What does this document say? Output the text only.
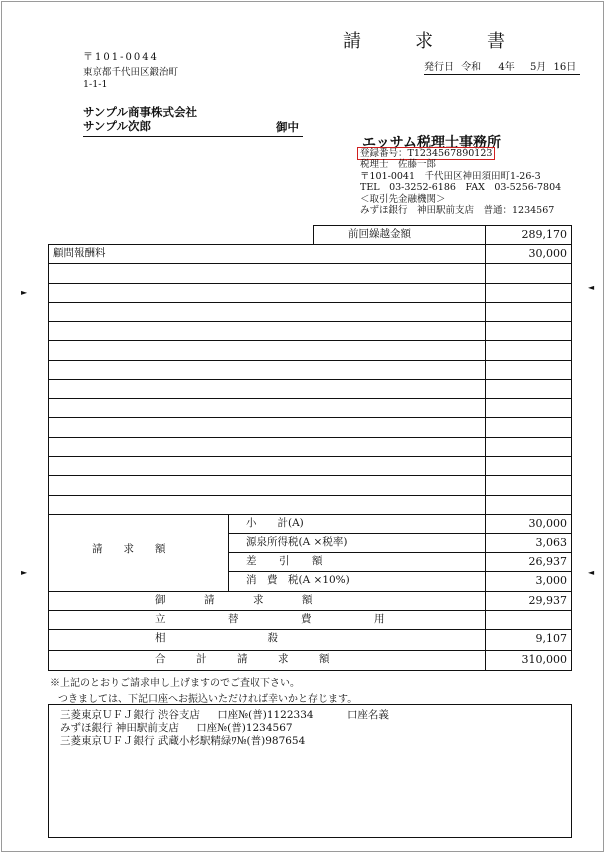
►
►
◄
◄
請　求　書
発行日 令和 4年 5月 16日
〒101-0044
東京都千代田区鍛治町
1-1-1
サンプル商事株式会社
サンプル次郎	御中
エッサム税理士事務所
登録番号：T1234567890123
税理士　佐藤一郎
〒101-0041　千代田区神田須田町1-26-3
TEL　03-3252-6186　FAX　03-5256-7804
＜取引先金融機関＞
みずほ銀行　神田駅前支店　普通：1234567
前回繰越金額	289,170
顧問報酬料	30,000
請　　求　　額
小　　計(A)	30,000
源泉所得税(A ×税率)	3,063
差　引　額	26,937
消　費　税(A ×10%)	3,000
御　請　求　額	29,937
立　替　費　用
相　　　　殺	9,107
合　計　請　求　額	310,000
※上記のとおりご請求申し上げますのでご査収下さい。
つきましては、下記口座へお振込いただければ幸いかと存じます。
三菱東京ＵＦＪ銀行 渋谷支店 口座№(普)1122334	口座名義
みずほ銀行 神田駅前支店 口座№(普)1234567
三菱東京ＵＦＪ銀行 武蔵小杉駅精緑ﾜ№(普)987654
